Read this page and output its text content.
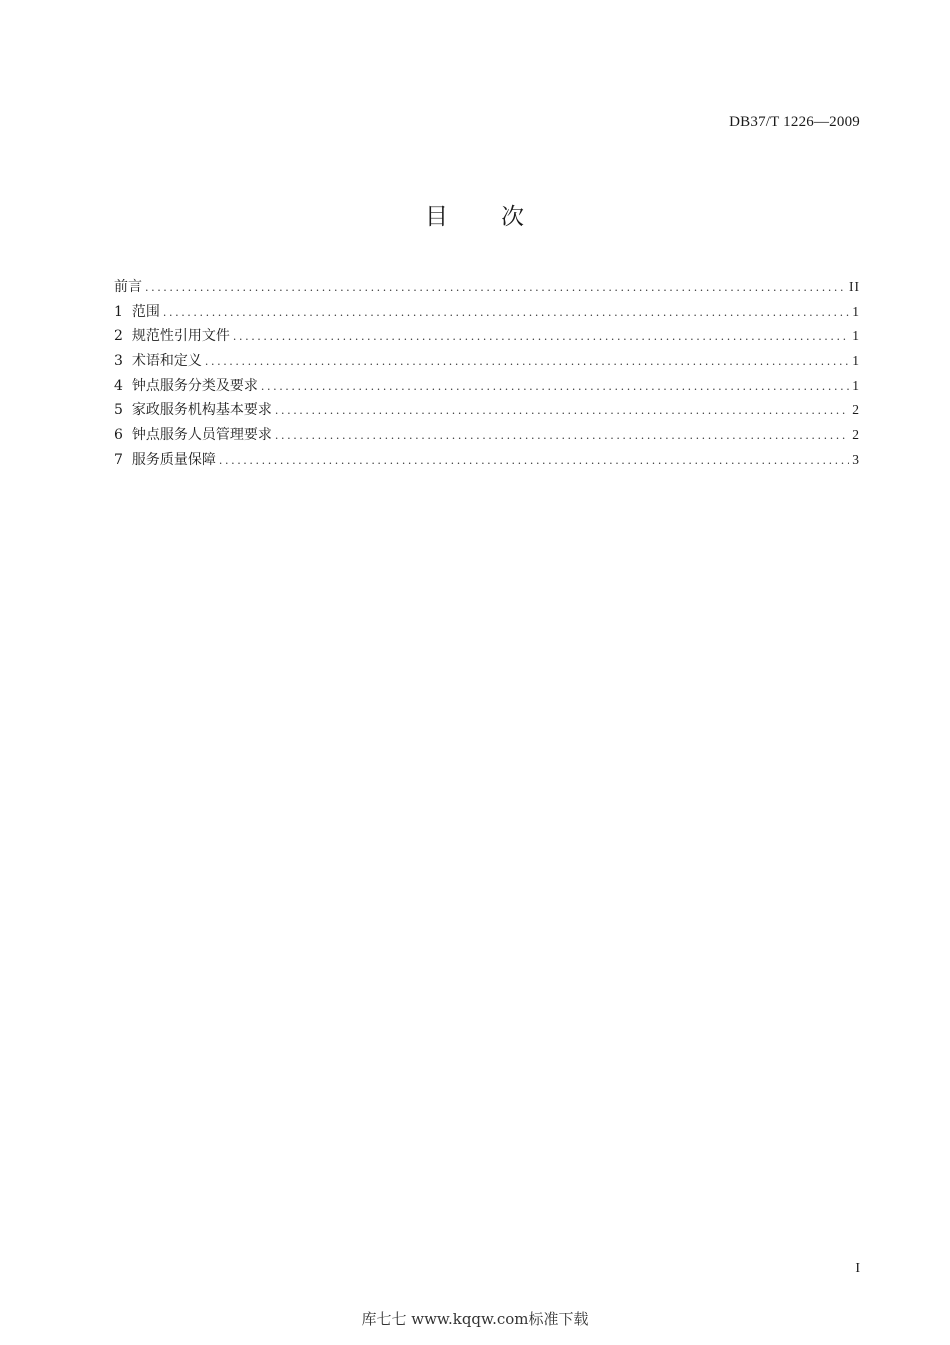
DB37/T 1226—2009
目 次
前言 .....	II
1 范围 .....	1
2 规范性引用文件 .....	1
3 术语和定义 .....	1
4 钟点服务分类及要求 .....	1
5 家政服务机构基本要求 .....	2
6 钟点服务人员管理要求 .....	2
7 服务质量保障 .....	3
I
库七七 www.kqqw.com标准下载
